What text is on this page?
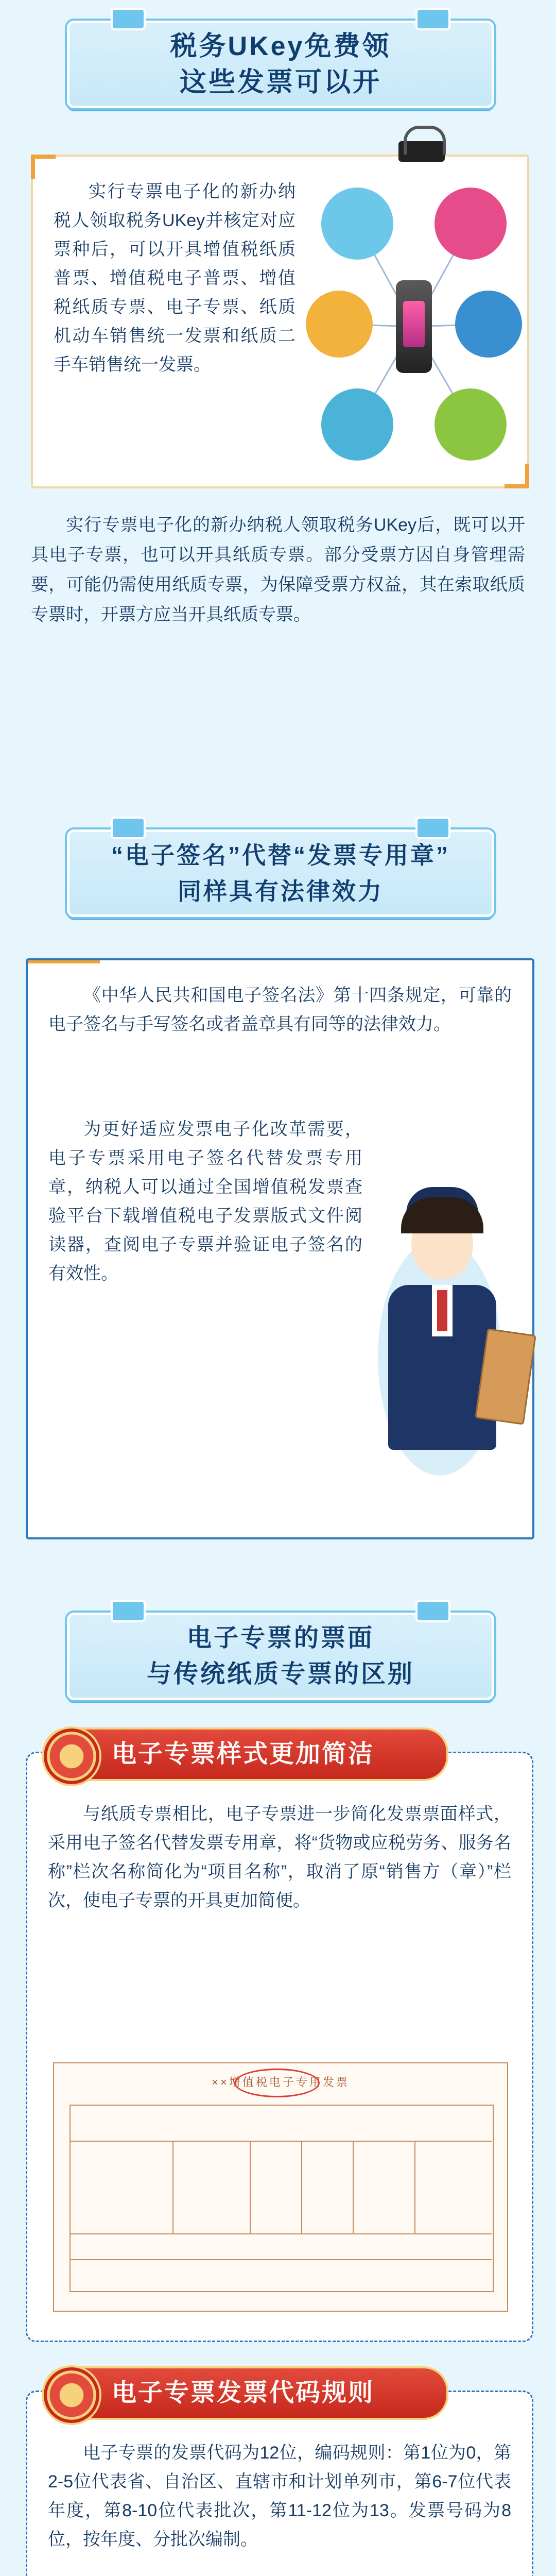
税务UKey免费领
这些发票可以开
实行专票电子化的新办纳税人领取税务UKey并核定对应票种后，可以开具增值税纸质普票、增值税电子普票、增值税纸质专票、电子专票、纸质机动车销售统一发票和纸质二手车销售统一发票。
实行专票电子化的新办纳税人领取税务UKey后，既可以开具电子专票，也可以开具纸质专票。部分受票方因自身管理需要，可能仍需使用纸质专票，为保障受票方权益，其在索取纸质专票时，开票方应当开具纸质专票。
“电子签名”代替“发票专用章”
同样具有法律效力
《中华人民共和国电子签名法》第十四条规定，可靠的电子签名与手写签名或者盖章具有同等的法律效力。
为更好适应发票电子化改革需要，电子专票采用电子签名代替发票专用章，纳税人可以通过全国增值税发票查验平台下载增值税电子发票版式文件阅读器，查阅电子专票并验证电子签名的有效性。
电子专票的票面
与传统纸质专票的区别
电子专票样式更加简洁
与纸质专票相比，电子专票进一步简化发票票面样式，采用电子签名代替发票专用章，将“货物或应税劳务、服务名称”栏次名称简化为“项目名称”，取消了原“销售方（章）”栏次，使电子专票的开具更加简便。
××增值税电子专用发票
电子专票发票代码规则
电子专票的发票代码为12位，编码规则：第1位为0，第2-5位代表省、自治区、直辖市和计划单列市，第6-7位代表年度，第8-10位代表批次，第11-12位为13。发票号码为8位，按年度、分批次编制。
